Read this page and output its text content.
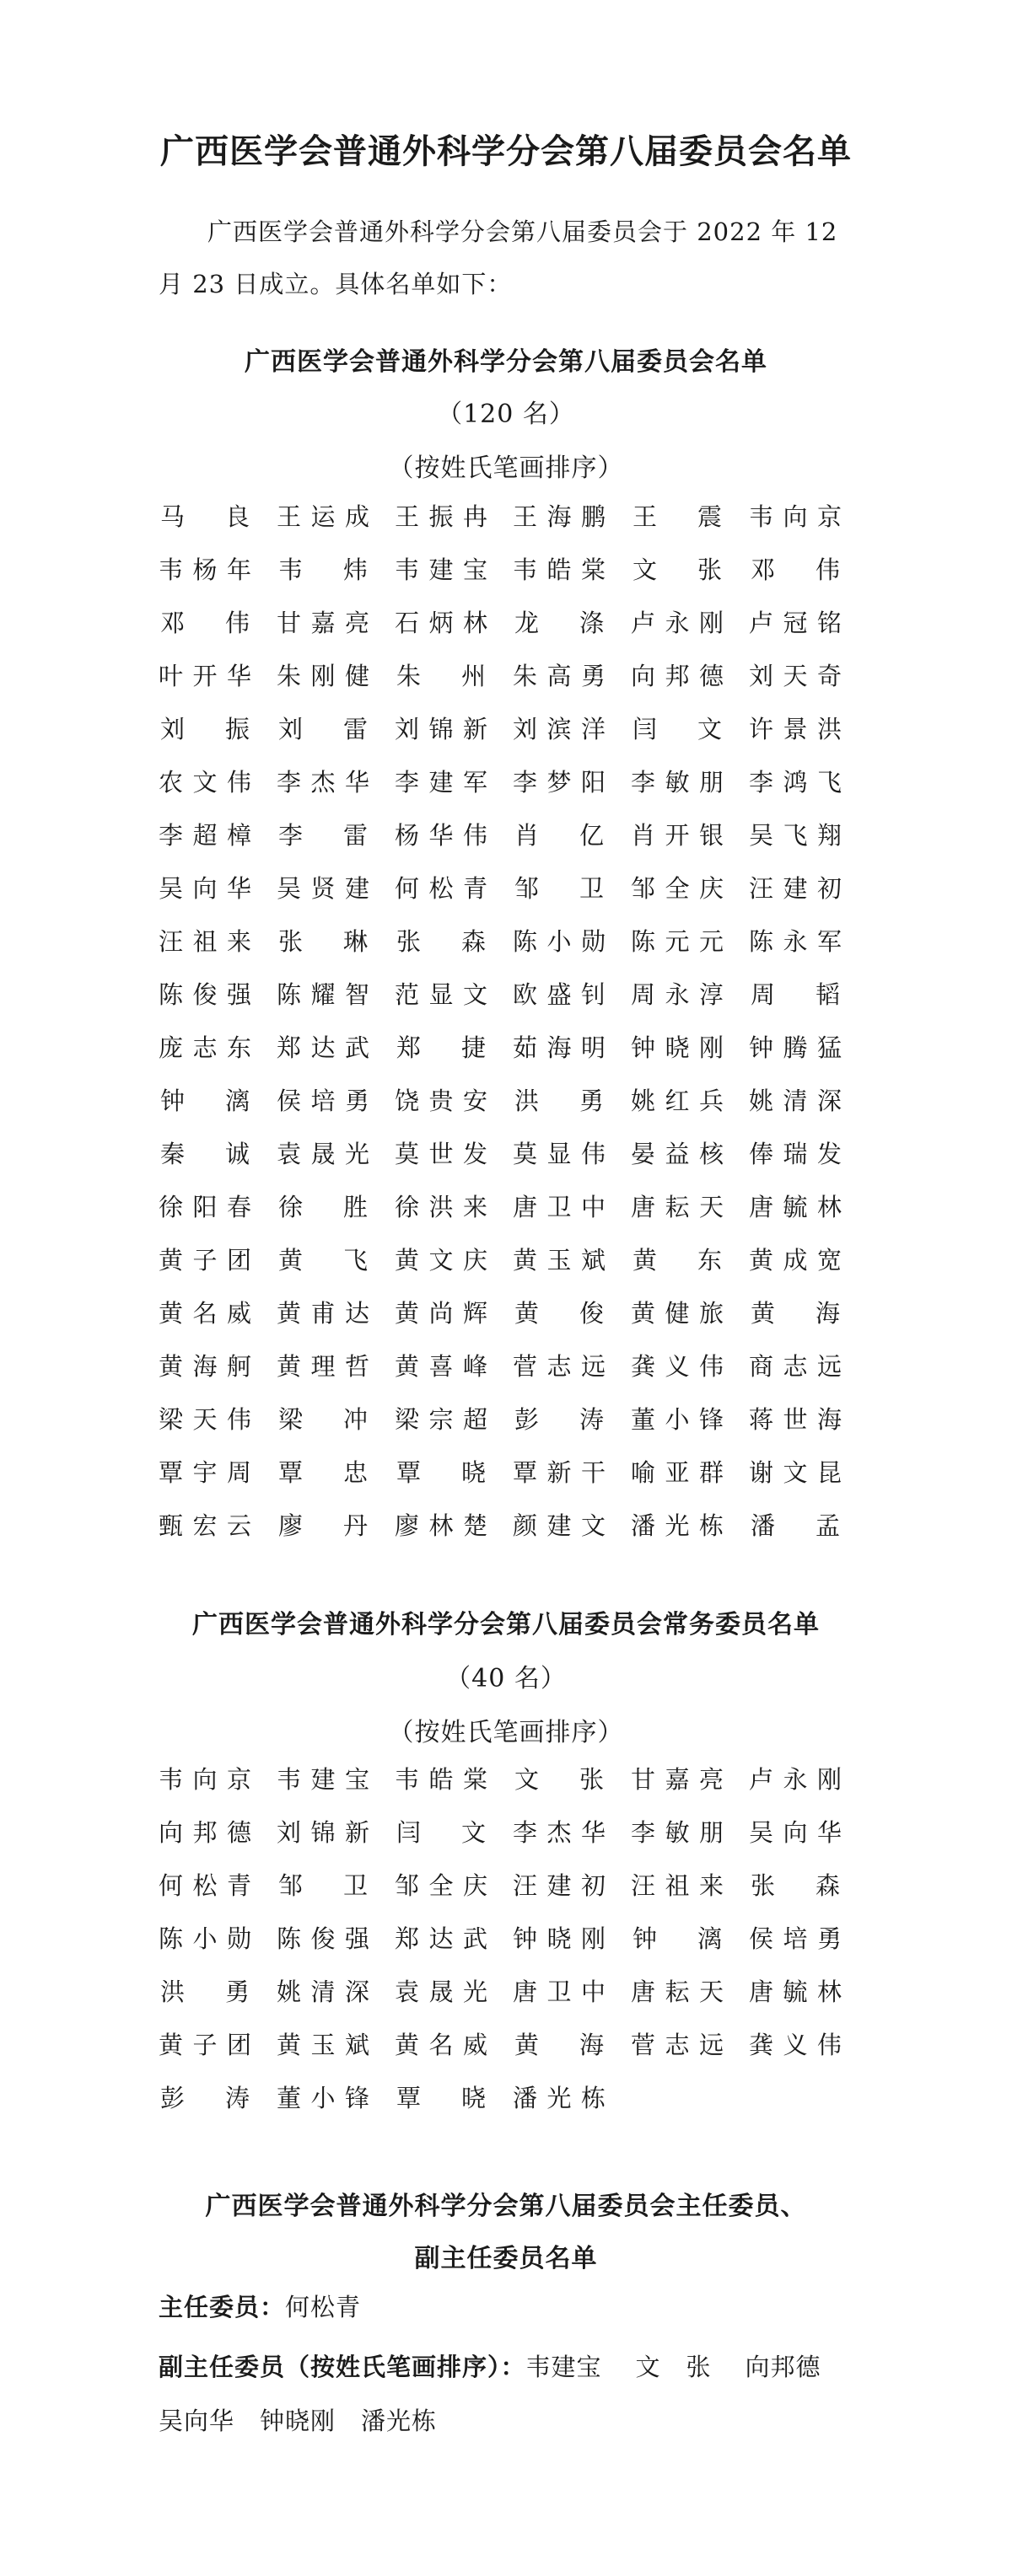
广西医学会普通外科学分会第八届委员会名单
广西医学会普通外科学分会第八届委员会于 2022 年 12 月 23 日成立。具体名单如下：
广西医学会普通外科学分会第八届委员会名单
（120 名）
（按姓氏笔画排序）
马 良 王 运 成 王 振 冉 王 海 鹏 王 震 韦 向 京
韦 杨 年 韦 炜 韦 建 宝 韦 皓 棠 文 张 邓 伟
邓 伟 甘 嘉 亮 石 炳 林 龙 涤 卢 永 刚 卢 冠 铭
叶 开 华 朱 刚 健 朱 州 朱 高 勇 向 邦 德 刘 天 奇
刘 振 刘 雷 刘 锦 新 刘 滨 洋 闫 文 许 景 洪
农 文 伟 李 杰 华 李 建 军 李 梦 阳 李 敏 朋 李 鸿 飞
李 超 樟 李 雷 杨 华 伟 肖 亿 肖 开 银 吴 飞 翔
吴 向 华 吴 贤 建 何 松 青 邹 卫 邹 全 庆 汪 建 初
汪 祖 来 张 琳 张 森 陈 小 勋 陈 元 元 陈 永 军
陈 俊 强 陈 耀 智 范 显 文 欧 盛 钊 周 永 淳 周 韬
庞 志 东 郑 达 武 郑 捷 茹 海 明 钟 晓 刚 钟 腾 猛
钟 漓 侯 培 勇 饶 贵 安 洪 勇 姚 红 兵 姚 清 深
秦 诚 袁 晟 光 莫 世 发 莫 显 伟 晏 益 核 俸 瑞 发
徐 阳 春 徐 胜 徐 洪 来 唐 卫 中 唐 耘 天 唐 毓 林
黄 子 团 黄 飞 黄 文 庆 黄 玉 斌 黄 东 黄 成 宽
黄 名 威 黄 甫 达 黄 尚 辉 黄 俊 黄 健 旅 黄 海
黄 海 舸 黄 理 哲 黄 喜 峰 菅 志 远 龚 义 伟 商 志 远
梁 天 伟 梁 冲 梁 宗 超 彭 涛 董 小 锋 蒋 世 海
覃 宇 周 覃 忠 覃 晓 覃 新 干 喻 亚 群 谢 文 昆
甄 宏 云 廖 丹 廖 林 楚 颜 建 文 潘 光 栋 潘 孟
广西医学会普通外科学分会第八届委员会常务委员名单
（40 名）
（按姓氏笔画排序）
韦 向 京 韦 建 宝 韦 皓 棠 文 张 甘 嘉 亮 卢 永 刚
向 邦 德 刘 锦 新 闫 文 李 杰 华 李 敏 朋 吴 向 华
何 松 青 邹 卫 邹 全 庆 汪 建 初 汪 祖 来 张 森
陈 小 勋 陈 俊 强 郑 达 武 钟 晓 刚 钟 漓 侯 培 勇
洪 勇 姚 清 深 袁 晟 光 唐 卫 中 唐 耘 天 唐 毓 林
黄 子 团 黄 玉 斌 黄 名 威 黄 海 菅 志 远 龚 义 伟
彭 涛 董 小 锋 覃 晓 潘 光 栋
广西医学会普通外科学分会第八届委员会主任委员、
副主任委员名单
主任委员：何松青
副主任委员（按姓氏笔画排序）：韦建宝 文　张 向邦德
吴向华 钟晓刚 潘光栋
